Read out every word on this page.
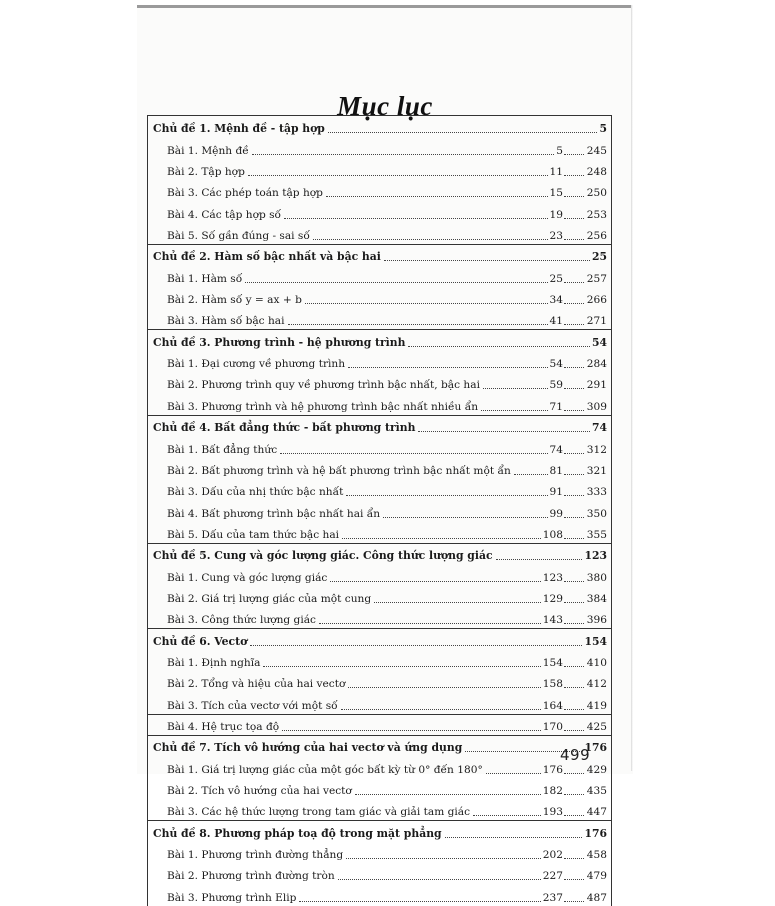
Mục lục
Chủ đề 1. Mệnh đề - tập hợp	5
Bài 1. Mệnh đề	5 245
Bài 2. Tập hợp	11 248
Bài 3. Các phép toán tập hợp	15 250
Bài 4. Các tập hợp số	19 253
Bài 5. Số gần đúng - sai số	23 256
Chủ đề 2. Hàm số bậc nhất và bậc hai	25
Bài 1. Hàm số	25 257
Bài 2. Hàm số y = ax + b	34 266
Bài 3. Hàm số bậc hai	41 271
Chủ đề 3. Phương trình - hệ phương trình	54
Bài 1. Đại cương về phương trình	54 284
Bài 2. Phương trình quy về phương trình bậc nhất, bậc hai	59 291
Bài 3. Phương trình và hệ phương trình bậc nhất nhiều ẩn	71 309
Chủ đề 4. Bất đẳng thức - bất phương trình	74
Bài 1. Bất đẳng thức	74 312
Bài 2. Bất phương trình và hệ bất phương trình bậc nhất một ẩn	81 321
Bài 3. Dấu của nhị thức bậc nhất	91 333
Bài 4. Bất phương trình bậc nhất hai ẩn	99 350
Bài 5. Dấu của tam thức bậc hai	108 355
Chủ đề 5. Cung và góc lượng giác. Công thức lượng giác	123
Bài 1. Cung và góc lượng giác	123 380
Bài 2. Giá trị lượng giác của một cung	129 384
Bài 3. Công thức lượng giác	143 396
Chủ đề 6. Vectơ	154
Bài 1. Định nghĩa	154 410
Bài 2. Tổng và hiệu của hai vectơ	158 412
Bài 3. Tích của vectơ với một số	164 419
Bài 4. Hệ trục tọa độ	170 425
Chủ đề 7. Tích vô hướng của hai vectơ và ứng dụng	176
Bài 1. Giá trị lượng giác của một góc bất kỳ từ 0° đến 180°	176 429
Bài 2. Tích vô hướng của hai vectơ	182 435
Bài 3. Các hệ thức lượng trong tam giác và giải tam giác	193 447
Chủ đề 8. Phương pháp toạ độ trong mặt phẳng	176
Bài 1. Phương trình đường thẳng	202 458
Bài 2. Phương trình đường tròn	227 479
Bài 3. Phương trình Elip	237 487
499
